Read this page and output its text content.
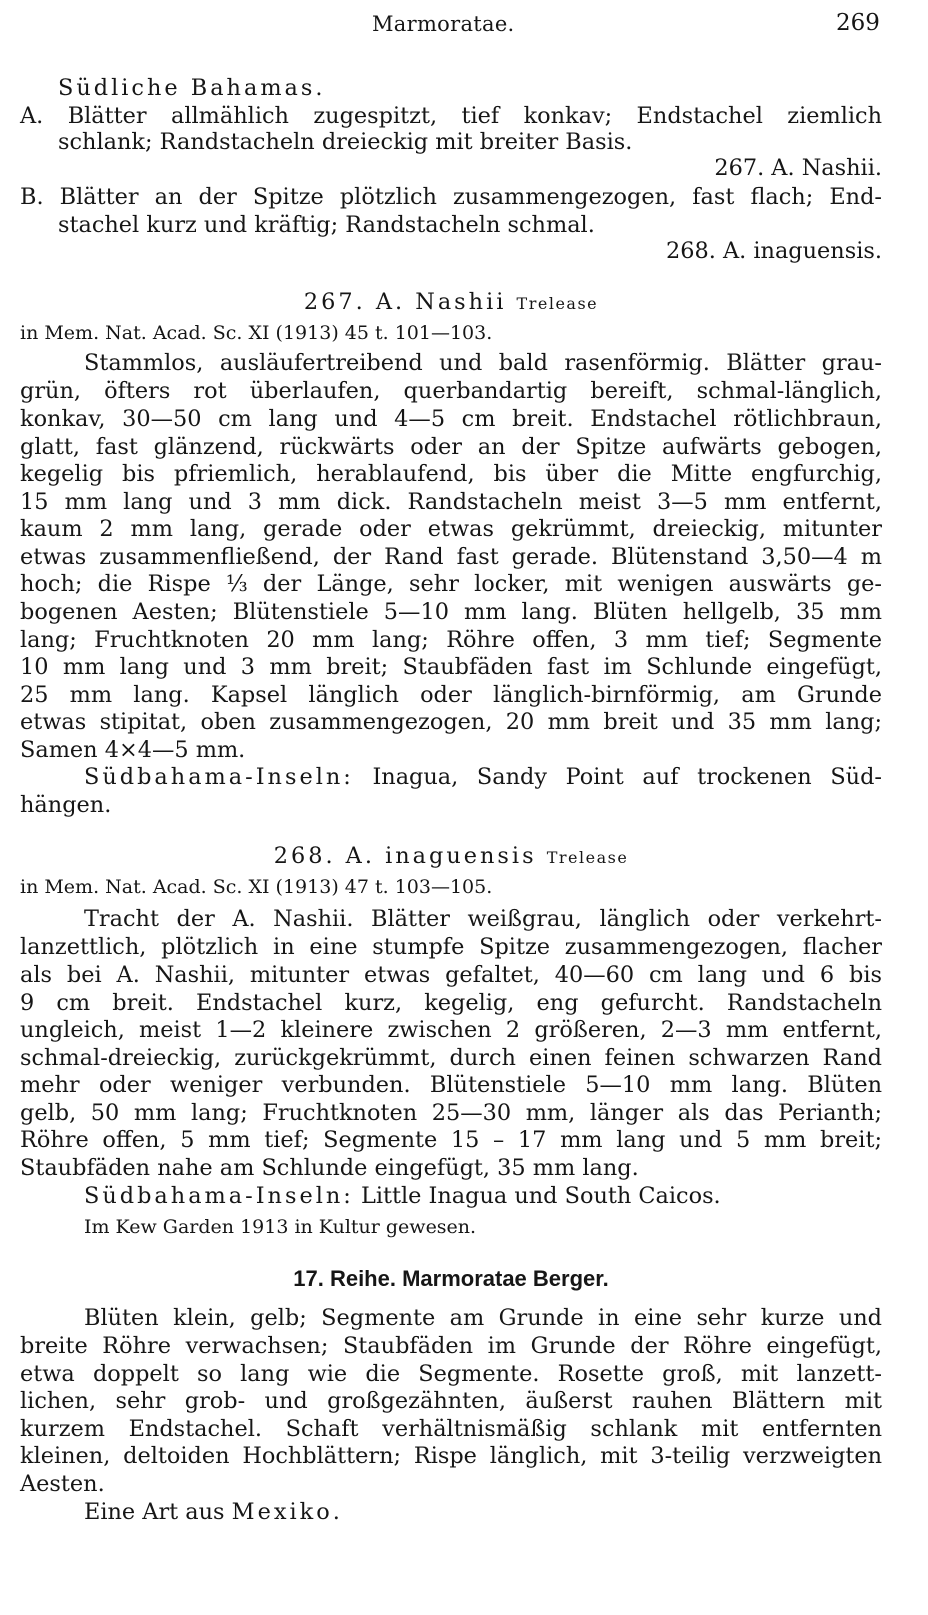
Marmoratae.	269
Südliche Bahamas.
A. Blätter allmählich zugespitzt, tief konkav; Endstachel ziemlich
schlank; Randstacheln dreieckig mit breiter Basis.
267. A. Nashii.
B. Blätter an der Spitze plötzlich zusammengezogen, fast flach; End-
stachel kurz und kräftig; Randstacheln schmal.
268. A. inaguensis.
267. A. Nashii Trelease
in Mem. Nat. Acad. Sc. XI (1913) 45 t. 101—103.
Stammlos, ausläufertreibend und bald rasenförmig. Blätter grau-
grün, öfters rot überlaufen, querbandartig bereift, schmal-länglich,
konkav, 30—50 cm lang und 4—5 cm breit. Endstachel rötlichbraun,
glatt, fast glänzend, rückwärts oder an der Spitze aufwärts gebogen,
kegelig bis pfriemlich, herablaufend, bis über die Mitte engfurchig,
15 mm lang und 3 mm dick. Randstacheln meist 3—5 mm entfernt,
kaum 2 mm lang, gerade oder etwas gekrümmt, dreieckig, mitunter
etwas zusammenfließend, der Rand fast gerade. Blütenstand 3,50—4 m
hoch; die Rispe ⅓ der Länge, sehr locker, mit wenigen auswärts ge-
bogenen Aesten; Blütenstiele 5—10 mm lang. Blüten hellgelb, 35 mm
lang; Fruchtknoten 20 mm lang; Röhre offen, 3 mm tief; Segmente
10 mm lang und 3 mm breit; Staubfäden fast im Schlunde eingefügt,
25 mm lang. Kapsel länglich oder länglich-birnförmig, am Grunde
etwas stipitat, oben zusammengezogen, 20 mm breit und 35 mm lang;
Samen 4×4—5 mm.
Südbahama-Inseln: Inagua, Sandy Point auf trockenen Süd-
hängen.
268. A. inaguensis Trelease
in Mem. Nat. Acad. Sc. XI (1913) 47 t. 103—105.
Tracht der A. Nashii. Blätter weißgrau, länglich oder verkehrt-
lanzettlich, plötzlich in eine stumpfe Spitze zusammengezogen, flacher
als bei A. Nashii, mitunter etwas gefaltet, 40—60 cm lang und 6 bis
9 cm breit. Endstachel kurz, kegelig, eng gefurcht. Randstacheln
ungleich, meist 1—2 kleinere zwischen 2 größeren, 2—3 mm entfernt,
schmal-dreieckig, zurückgekrümmt, durch einen feinen schwarzen Rand
mehr oder weniger verbunden. Blütenstiele 5—10 mm lang. Blüten
gelb, 50 mm lang; Fruchtknoten 25—30 mm, länger als das Perianth;
Röhre offen, 5 mm tief; Segmente 15 – 17 mm lang und 5 mm breit;
Staubfäden nahe am Schlunde eingefügt, 35 mm lang.
Südbahama-Inseln: Little Inagua und South Caicos.
Im Kew Garden 1913 in Kultur gewesen.
17. Reihe. Marmoratae Berger.
Blüten klein, gelb; Segmente am Grunde in eine sehr kurze und
breite Röhre verwachsen; Staubfäden im Grunde der Röhre eingefügt,
etwa doppelt so lang wie die Segmente. Rosette groß, mit lanzett-
lichen, sehr grob- und großgezähnten, äußerst rauhen Blättern mit
kurzem Endstachel. Schaft verhältnismäßig schlank mit entfernten
kleinen, deltoiden Hochblättern; Rispe länglich, mit 3-teilig verzweigten
Aesten.
Eine Art aus Mexiko.
